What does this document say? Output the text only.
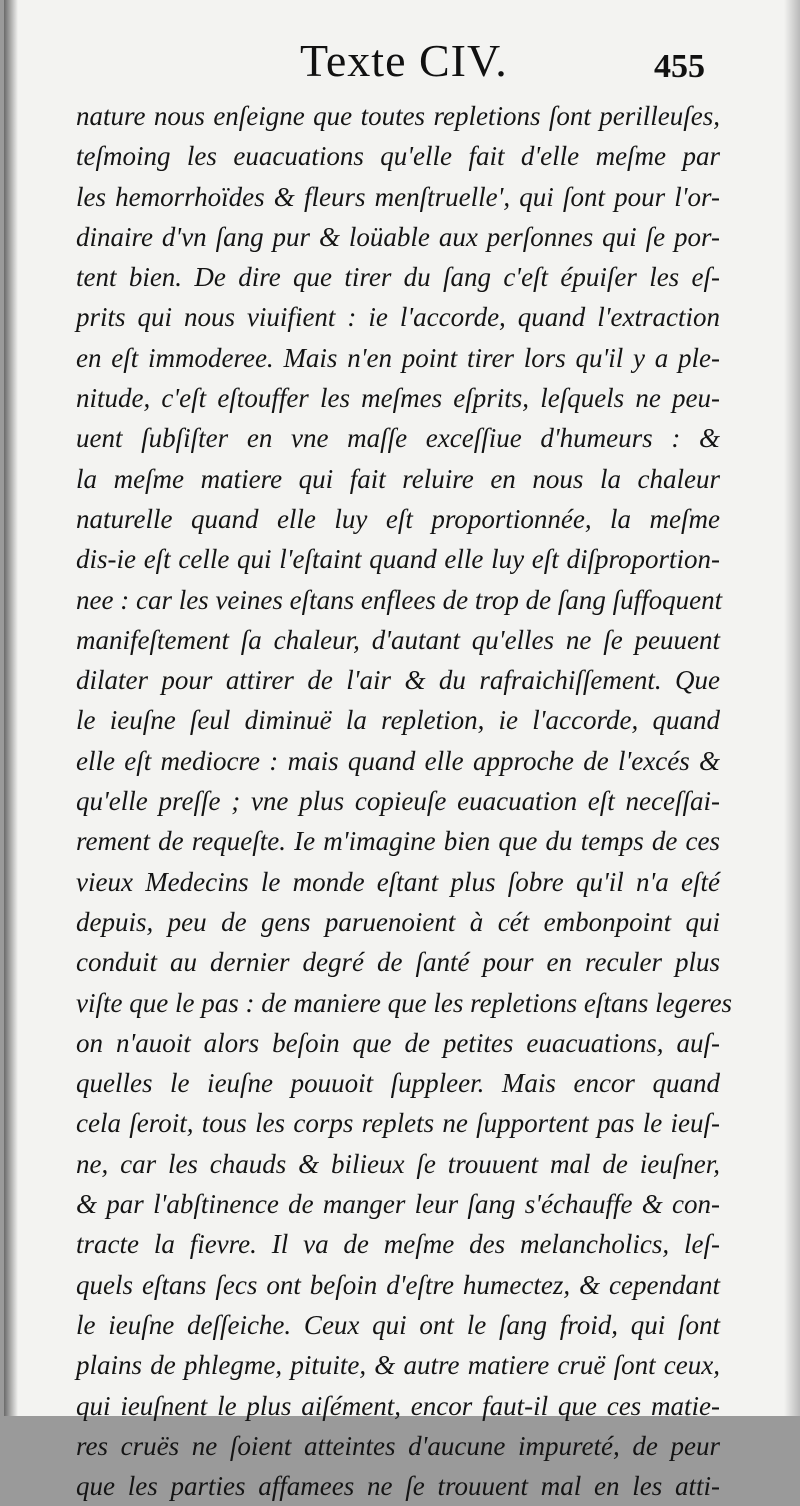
Texte CIV.	455
nature nous enſeigne que toutes repletions ſont perilleuſes,
teſmoing les euacuations qu'elle fait d'elle meſme par
les hemorrhoïdes & fleurs menſtruelle', qui ſont pour l'or-
dinaire d'vn ſang pur & loüable aux perſonnes qui ſe por-
tent bien. De dire que tirer du ſang c'eſt épuiſer les eſ-
prits qui nous viuifient : ie l'accorde, quand l'extraction
en eſt immoderee. Mais n'en point tirer lors qu'il y a ple-
nitude, c'eſt eſtouffer les meſmes eſprits, leſquels ne peu-
uent ſubſiſter en vne maſſe exceſſiue d'humeurs : &
la meſme matiere qui fait reluire en nous la chaleur
naturelle quand elle luy eſt proportionnée, la meſme
dis-ie eſt celle qui l'eſtaint quand elle luy eſt diſproportion-
nee : car les veines eſtans enflees de trop de ſang ſuffoquent
manifeſtement ſa chaleur, d'autant qu'elles ne ſe peuuent
dilater pour attirer de l'air & du rafraichiſſement. Que
le ieuſne ſeul diminuë la repletion, ie l'accorde, quand
elle eſt mediocre : mais quand elle approche de l'excés &
qu'elle preſſe ; vne plus copieuſe euacuation eſt neceſſai-
rement de requeſte. Ie m'imagine bien que du temps de ces
vieux Medecins le monde eſtant plus ſobre qu'il n'a eſté
depuis, peu de gens paruenoient à cét embonpoint qui
conduit au dernier degré de ſanté pour en reculer plus
viſte que le pas : de maniere que les repletions eſtans legeres
on n'auoit alors beſoin que de petites euacuations, auſ-
quelles le ieuſne pouuoit ſuppleer. Mais encor quand
cela ſeroit, tous les corps replets ne ſupportent pas le ieuſ-
ne, car les chauds & bilieux ſe trouuent mal de ieuſner,
& par l'abſtinence de manger leur ſang s'échauffe & con-
tracte la fievre. Il va de meſme des melancholics, leſ-
quels eſtans ſecs ont beſoin d'eſtre humectez, & cependant
le ieuſne deſſeiche. Ceux qui ont le ſang froid, qui ſont
plains de phlegme, pituite, & autre matiere cruë ſont ceux,
qui ieuſnent le plus aiſément, encor faut-il que ces matie-
res cruës ne ſoient atteintes d'aucune impureté, de peur
que les parties affamees ne ſe trouuent mal en les atti-
